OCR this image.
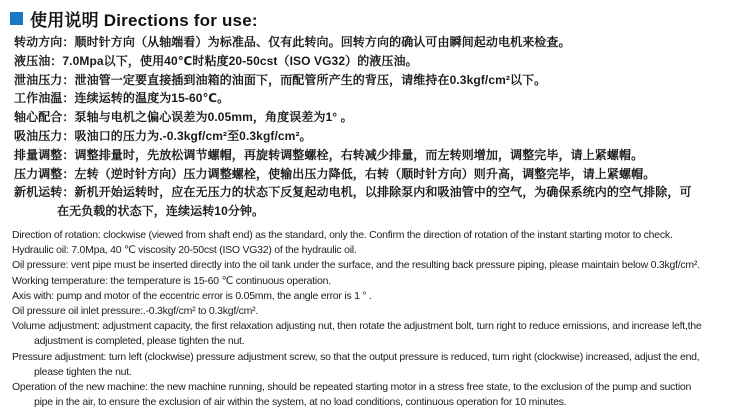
使用说明 Directions for use:
转动方向：顺时针方向（从轴端看）为标准品、仅有此转向。回转方向的确认可由瞬间起动电机来检查。
液压油：7.0Mpa以下，使用40℃时粘度20-50cst（ISO VG32）的液压油。
泄油压力：泄油管一定要直接插到油箱的油面下，而配管所产生的背压，请维持在0.3kgf/cm²以下。
工作油温：连续运转的温度为15-60℃。
轴心配合：泵轴与电机之偏心误差为0.05mm，角度误差为1° 。
吸油压力：吸油口的压力为.-0.3kgf/cm²至0.3kgf/cm²。
排量调整：调整排量时，先放松调节螺帽，再旋转调整螺栓，右转减少排量，而左转则增加，调整完毕，请上紧螺帽。
压力调整：左转（逆时针方向）压力调整螺栓，使输出压力降低，右转（顺时针方向）则升高，调整完毕，请上紧螺帽。
新机运转：新机开始运转时，应在无压力的状态下反复起动电机，以排除泵内和吸油管中的空气，为确保系统内的空气排除，可
在无负载的状态下，连续运转10分钟。
Direction of rotation: clockwise (viewed from shaft end) as the standard, only the. Confirm the direction of rotation of the instant starting motor to check.
Hydraulic oil: 7.0Mpa, 40 ℃ viscosity 20-50cst (ISO VG32) of the hydraulic oil.
Oil pressure: vent pipe must be inserted directly into the oil tank under the surface, and the resulting back pressure piping, please maintain below 0.3kgf/cm².
Working temperature: the temperature is 15-60 ℃ continuous operation.
Axis with: pump and motor of the eccentric error is 0.05mm, the angle error is 1 ° .
Oil pressure oil inlet pressure:.-0.3kgf/cm² to 0.3kgf/cm².
Volume adjustment: adjustment capacity, the first relaxation adjusting nut, then rotate the adjustment bolt, turn right to reduce emissions, and increase left,the
adjustment is completed, please tighten the nut.
Pressure adjustment: turn left (clockwise) pressure adjustment screw, so that the output pressure is reduced, turn right (clockwise) increased, adjust the end,
please tighten the nut.
Operation of the new machine: the new machine running, should be repeated starting motor in a stress free state, to the exclusion of the pump and suction
pipe in the air, to ensure the exclusion of air within the system, at no load conditions, continuous operation for 10 minutes.
